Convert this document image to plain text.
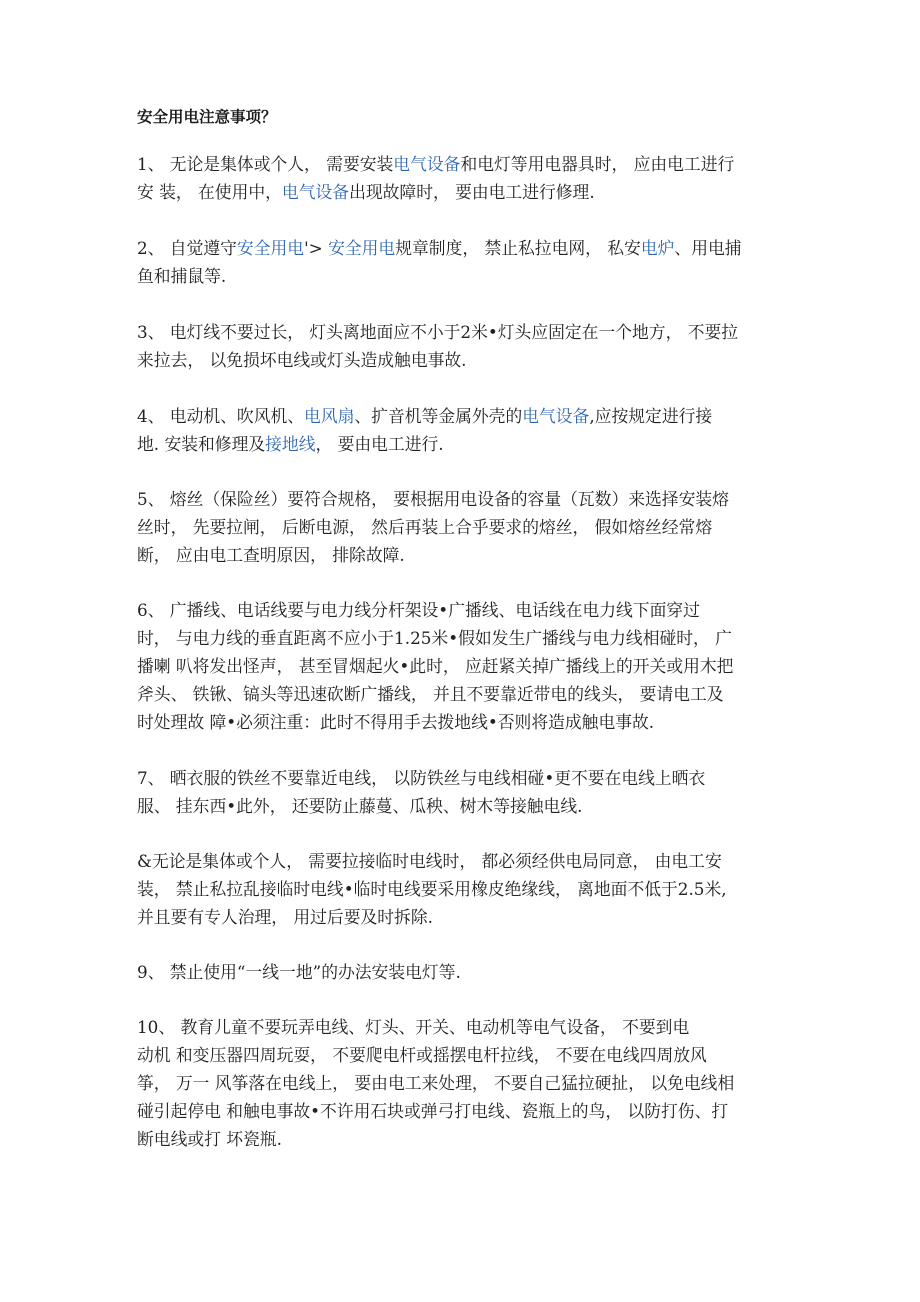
安全用电注意事项？
1、 无论是集体或个人， 需要安装电气设备和电灯等用电器具时， 应由电工进行
安 装， 在使用中，电气设备出现故障时， 要由电工进行修理.
2、 自觉遵守安全用电'> 安全用电规章制度， 禁止私拉电网， 私安电炉、用电捕
鱼和捕鼠等.
3、 电灯线不要过长， 灯头离地面应不小于2米•灯头应固定在一个地方， 不要拉
来拉去， 以免损坏电线或灯头造成触电事故.
4、 电动机、吹风机、电风扇、扩音机等金属外壳的电气设备,应按规定进行接
地. 安装和修理及接地线， 要由电工进行.
5、 熔丝（保险丝）要符合规格， 要根据用电设备的容量（瓦数）来选择安装熔
丝时， 先要拉闸， 后断电源， 然后再装上合乎要求的熔丝， 假如熔丝经常熔
断， 应由电工查明原因， 排除故障.
6、 广播线、电话线要与电力线分杆架设•广播线、电话线在电力线下面穿过
时， 与电力线的垂直距离不应小于1.25米•假如发生广播线与电力线相碰时， 广
播喇 叭将发出怪声， 甚至冒烟起火•此时， 应赶紧关掉广播线上的开关或用木把
斧头、 铁锹、镐头等迅速砍断广播线， 并且不要靠近带电的线头， 要请电工及
时处理故 障•必须注重：此时不得用手去拨地线•否则将造成触电事故.
7、 晒衣服的铁丝不要靠近电线， 以防铁丝与电线相碰•更不要在电线上晒衣
服、 挂东西•此外， 还要防止藤蔓、瓜秧、树木等接触电线.
&无论是集体或个人， 需要拉接临时电线时， 都必须经供电局同意， 由电工安
装， 禁止私拉乱接临时电线•临时电线要采用橡皮绝缘线， 离地面不低于2.5米,
并且要有专人治理， 用过后要及时拆除.
9、 禁止使用“一线一地”的办法安装电灯等.
10、 教育儿童不要玩弄电线、灯头、开关、电动机等电气设备， 不要到电
动机 和变压器四周玩耍， 不要爬电杆或摇摆电杆拉线， 不要在电线四周放风
筝， 万一 风筝落在电线上， 要由电工来处理， 不要自己猛拉硬扯， 以免电线相
碰引起停电 和触电事故•不许用石块或弹弓打电线、瓷瓶上的鸟， 以防打伤、打
断电线或打 坏瓷瓶.
